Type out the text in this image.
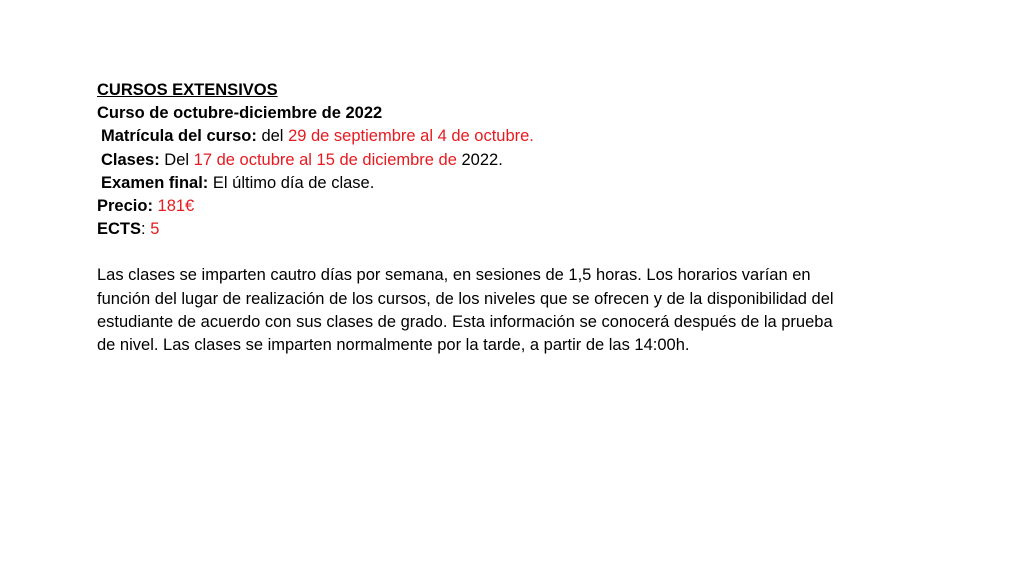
CURSOS EXTENSIVOS
Curso de octubre-diciembre de 2022
Matrícula del curso: del 29 de septiembre al 4 de octubre.
Clases: Del 17 de octubre al 15 de diciembre de 2022.
Examen final: El último día de clase.
Precio: 181€
ECTS: 5
Las clases se imparten cautro días por semana, en sesiones de 1,5 horas. Los horarios varían en
función del lugar de realización de los cursos, de los niveles que se ofrecen y de la disponibilidad del
estudiante de acuerdo con sus clases de grado. Esta información se conocerá después de la prueba
de nivel. Las clases se imparten normalmente por la tarde, a partir de las 14:00h.
